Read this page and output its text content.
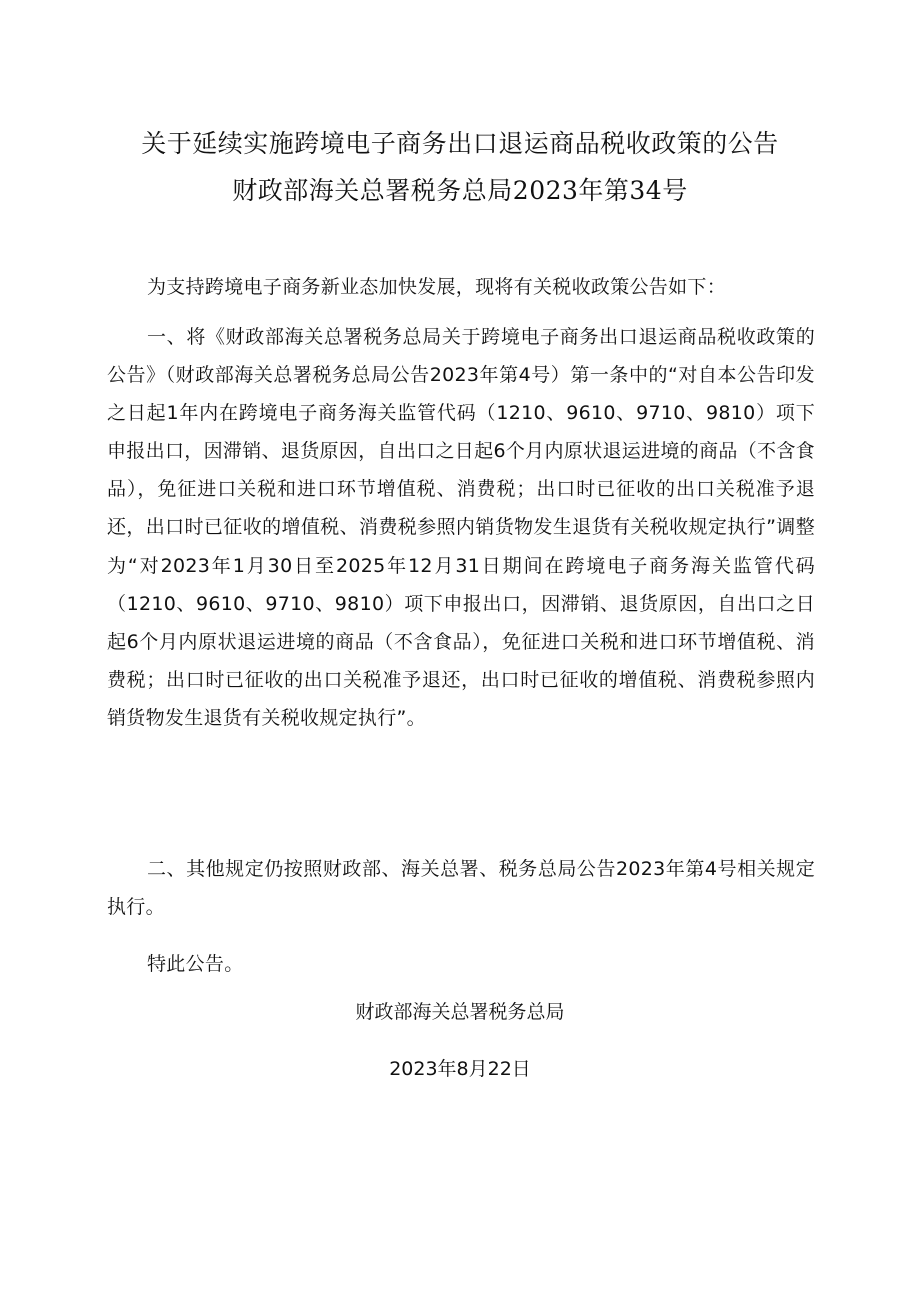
关于延续实施跨境电子商务出口退运商品税收政策的公告
财政部海关总署税务总局2023年第34号

为支持跨境电子商务新业态加快发展，现将有关税收政策公告如下：

一、将《财政部海关总署税务总局关于跨境电子商务出口退运商品税收政策的公告》（财政部海关总署税务总局公告2023年第4号）第一条中的“对自本公告印发之日起1年内在跨境电子商务海关监管代码（1210、9610、9710、9810）项下申报出口，因滞销、退货原因，自出口之日起6个月内原状退运进境的商品（不含食品），免征进口关税和进口环节增值税、消费税；出口时已征收的出口关税准予退还，出口时已征收的增值税、消费税参照内销货物发生退货有关税收规定执行”调整为“对2023年1月30日至2025年12月31日期间在跨境电子商务海关监管代码（1210、9610、9710、9810）项下申报出口，因滞销、退货原因，自出口之日起6个月内原状退运进境的商品（不含食品），免征进口关税和进口环节增值税、消费税；出口时已征收的出口关税准予退还，出口时已征收的增值税、消费税参照内销货物发生退货有关税收规定执行”。

二、其他规定仍按照财政部、海关总署、税务总局公告2023年第4号相关规定执行。

特此公告。

财政部海关总署税务总局

2023年8月22日
